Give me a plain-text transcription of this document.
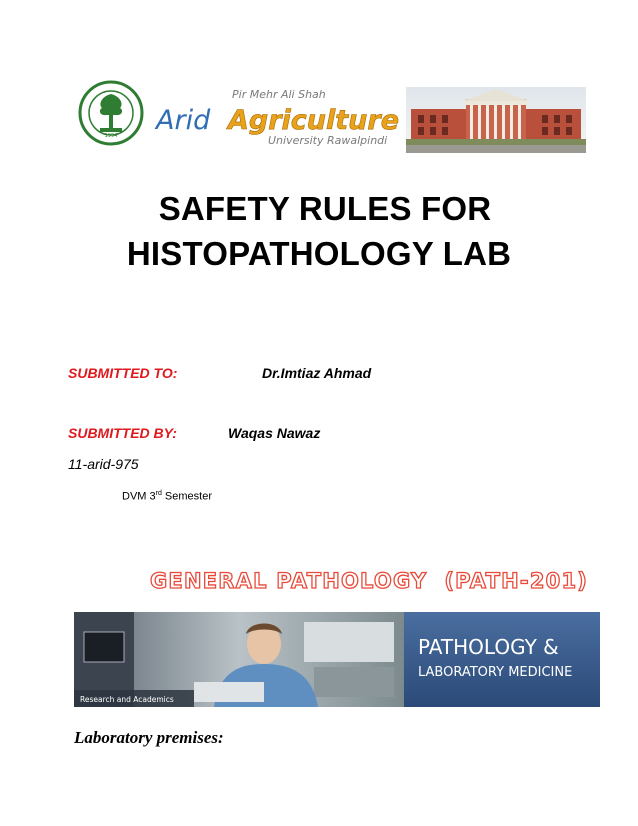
1994
Pir Mehr Ali Shah
Arid Agriculture
University Rawalpindi
SAFETY RULES FOR
HISTOPATHOLOGY LAB
SUBMITTED TO:	Dr.Imtiaz Ahmad
SUBMITTED BY:	Waqas Nawaz
11-arid-975
DVM 3rd Semester
GENERAL PATHOLOGY  (PATH-201)
Research and Academics
PATHOLOGY &
LABORATORY MEDICINE
Laboratory premises:
